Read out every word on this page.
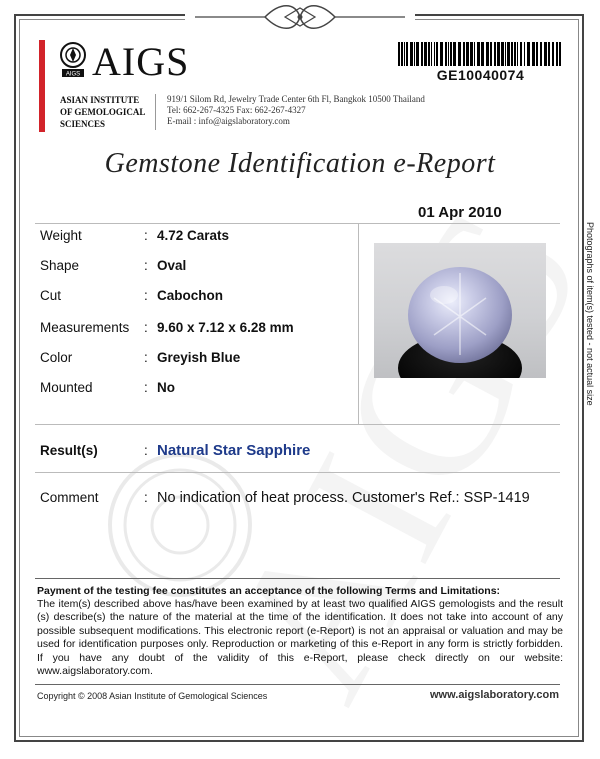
AIGS AIGS
ASIAN INSTITUTE
OF GEMOLOGICAL
SCIENCES
919/1 Silom Rd, Jewelry Trade Center 6th Fl, Bangkok 10500 Thailand
Tel: 662-267-4325 Fax: 662-267-4327
E-mail : info@aigslaboratory.com
GE10040074
Gemstone Identification e-Report
01 Apr 2010
Weight	: 4.72 Carats
Shape	: Oval
Cut	: Cabochon
Measurements : 9.60 x 7.12 x 6.28 mm
Color	: Greyish Blue
Mounted	: No	Photographs of item(s) tested - not actual size
Result(s)	: Natural Star Sapphire
Comment	: No indication of heat process. Customer's Ref.: SSP-1419
Payment of the testing fee constitutes an acceptance of the following Terms and Limitations:
The item(s) described above has/have been examined by at least two qualified AIGS gemologists and the result (s) describe(s) the nature of the material at the time of the identification. It does not take into account of any possible subsequent modifications. This electronic report (e-Report) is not an appraisal or valuation and may be used for identification purposes only. Reproduction or marketing of this e-Report in any form is strictly forbidden. If you have any doubt of the validity of this e-Report, please check directly on our website: www.aigslaboratory.com.
Copyright © 2008 Asian Institute of Gemological Sciences	www.aigslaboratory.com
